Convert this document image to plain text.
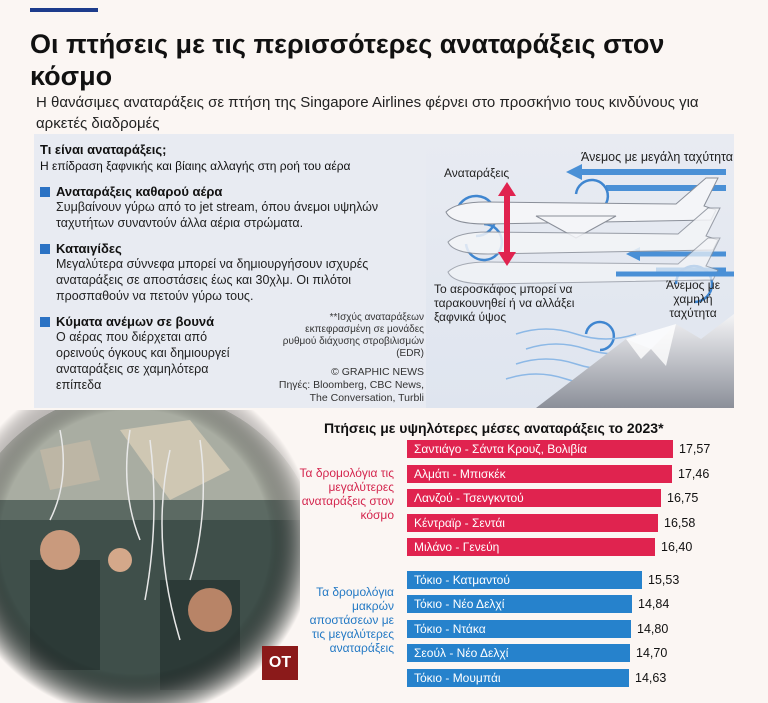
Οι πτήσεις με τις περισσότερες αναταράξεις στον κόσμο

Η θανάσιμες αναταράξεις σε πτήση της Singapore Airlines φέρνει στο προσκήνιο τους κινδύνους για αρκετές διαδρομές

Τι είναι αναταράξεις;
Η επίδραση ξαφνικής και βίαιης αλλαγής στη ροή του αέρα
Αναταράξεις καθαρού αέρα
Συμβαίνουν γύρω από το jet stream, όπου άνεμοι υψηλών ταχυτήτων συναντούν άλλα αέρια στρώματα.
Καταιγίδες
Μεγαλύτερα σύννεφα μπορεί να δημιουργήσουν ισχυρές αναταράξεις σε αποστάσεις έως και 30χλμ. Οι πιλότοι προσπαθούν να πετούν γύρω τους.
Κύματα ανέμων σε βουνά
Ο αέρας που διέρχεται από ορεινούς όγκους και δημιουργεί αναταράξεις σε χαμηλότερα επίπεδα
**Ισχύς αναταράξεων εκπεφρασμένη σε μονάδες ρυθμού διάχυσης στροβιλισμών (EDR)
© GRAPHIC NEWS
Πηγές: Bloomberg, CBC News, The Conversation, Turbli
Αναταράξεις
Άνεμος με μεγάλη ταχύτητα
Άνεμος με χαμηλή ταχύτητα
Το αεροσκάφος μπορεί να ταρακουνηθεί ή να αλλάξει ξαφνικά ύψος
ΟΤ
Πτήσεις με υψηλότερες μέσες αναταράξεις το 2023*
Τα δρομολόγια τις μεγαλύτερες αναταράξεις στον κόσμο
Τα δρομολόγια μακρών αποστάσεων με τις μεγαλύτερες αναταράξεις
Σαντιάγο - Σάντα Κρουζ, Βολιβία	17,57
Αλμάτι - Μπισκέκ	17,46
Λανζού - Τσενγκντού	16,75
Κέντραϊρ - Σεντάι	16,58
Μιλάνο - Γενεύη	16,40
Τόκιο - Κατμαντού	15,53
Τόκιο - Νέο Δελχί	14,84
Τόκιο - Ντάκα	14,80
Σεούλ - Νέο Δελχί	14,70
Τόκιο - Μουμπάι	14,63
